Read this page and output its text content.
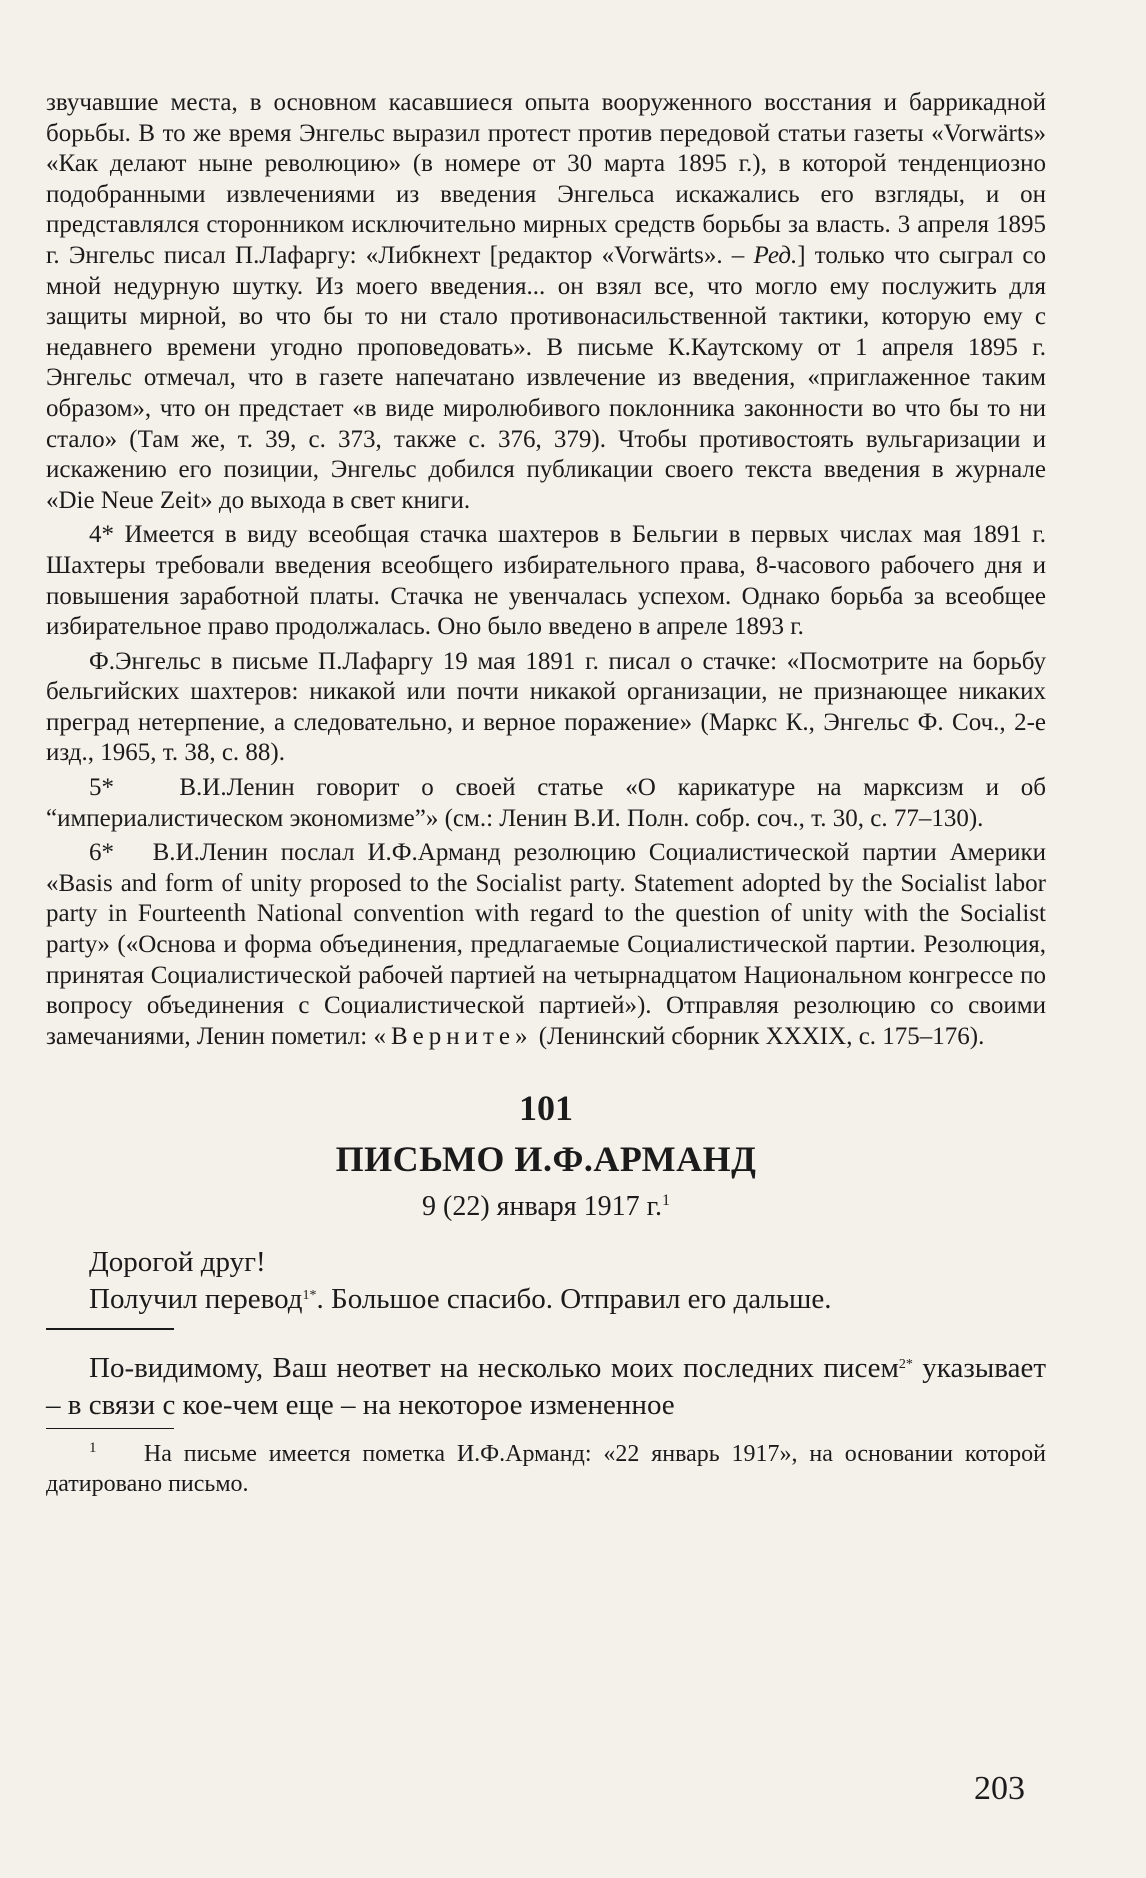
звучавшие места, в основном касавшиеся опыта вооруженного восстания и баррикадной борьбы. В то же время Энгельс выразил протест против передовой статьи газеты «Vorwärts» «Как делают ныне революцию» (в номере от 30 марта 1895 г.), в которой тенденциозно подобранными извлечениями из введения Энгельса искажались его взгляды, и он представлялся сторонником исключительно мирных средств борьбы за власть. 3 апреля 1895 г. Энгельс писал П.Лафаргу: «Либкнехт [редактор «Vorwärts». – Ред.] только что сыграл со мной недурную шутку. Из моего введения... он взял все, что могло ему послужить для защиты мирной, во что бы то ни стало противонасильственной тактики, которую ему с недавнего времени угодно проповедовать». В письме К.Каутскому от 1 апреля 1895 г. Энгельс отмечал, что в газете напечатано извлечение из введения, «приглаженное таким образом», что он предстает «в виде миролюбивого поклонника законности во что бы то ни стало» (Там же, т. 39, с. 373, также с. 376, 379). Чтобы противостоять вульгаризации и искажению его позиции, Энгельс добился публикации своего текста введения в журнале «Die Neue Zeit» до выхода в свет книги.

4* Имеется в виду всеобщая стачка шахтеров в Бельгии в первых числах мая 1891 г. Шахтеры требовали введения всеобщего избирательного права, 8-часового рабочего дня и повышения заработной платы. Стачка не увенчалась успехом. Однако борьба за всеобщее избирательное право продолжалась. Оно было введено в апреле 1893 г.

Ф.Энгельс в письме П.Лафаргу 19 мая 1891 г. писал о стачке: «Посмотрите на борьбу бельгийских шахтеров: никакой или почти никакой организации, не признающее никаких преград нетерпение, а следовательно, и верное поражение» (Маркс К., Энгельс Ф. Соч., 2-е изд., 1965, т. 38, с. 88).

5*	В.И.Ленин говорит о своей статье «О карикатуре на марксизм и об “империалистическом экономизме”» (см.: Ленин В.И. Полн. собр. соч., т. 30, с. 77–130).

6* В.И.Ленин послал И.Ф.Арманд резолюцию Социалистической партии Америки «Basis and form of unity proposed to the Socialist party. Statement adopted by the Socialist labor party in Fourteenth National convention with regard to the question of unity with the Socialist party» («Основа и форма объединения, предлагаемые Социалистической партии. Резолюция, принятая Социалистической рабочей партией на четырнадцатом Национальном конгрессе по вопросу объединения с Социалистической партией»). Отправляя резолюцию со своими замечаниями, Ленин пометил: «Верните» (Ленинский сборник XXXIX, с. 175–176).

101
ПИСЬМО И.Ф.АРМАНД
9 (22) января 1917 г.$^1$

Дорогой друг!

Получил перевод$^{1*}$. Большое спасибо. Отправил его дальше.

По-видимому, Ваш неответ на несколько моих последних писем$^{2*}$ указывает – в связи с кое-чем еще – на некоторое измененное

$^1$ На письме имеется пометка И.Ф.Арманд: «22 январь 1917», на основании которой датировано письмо.

203
